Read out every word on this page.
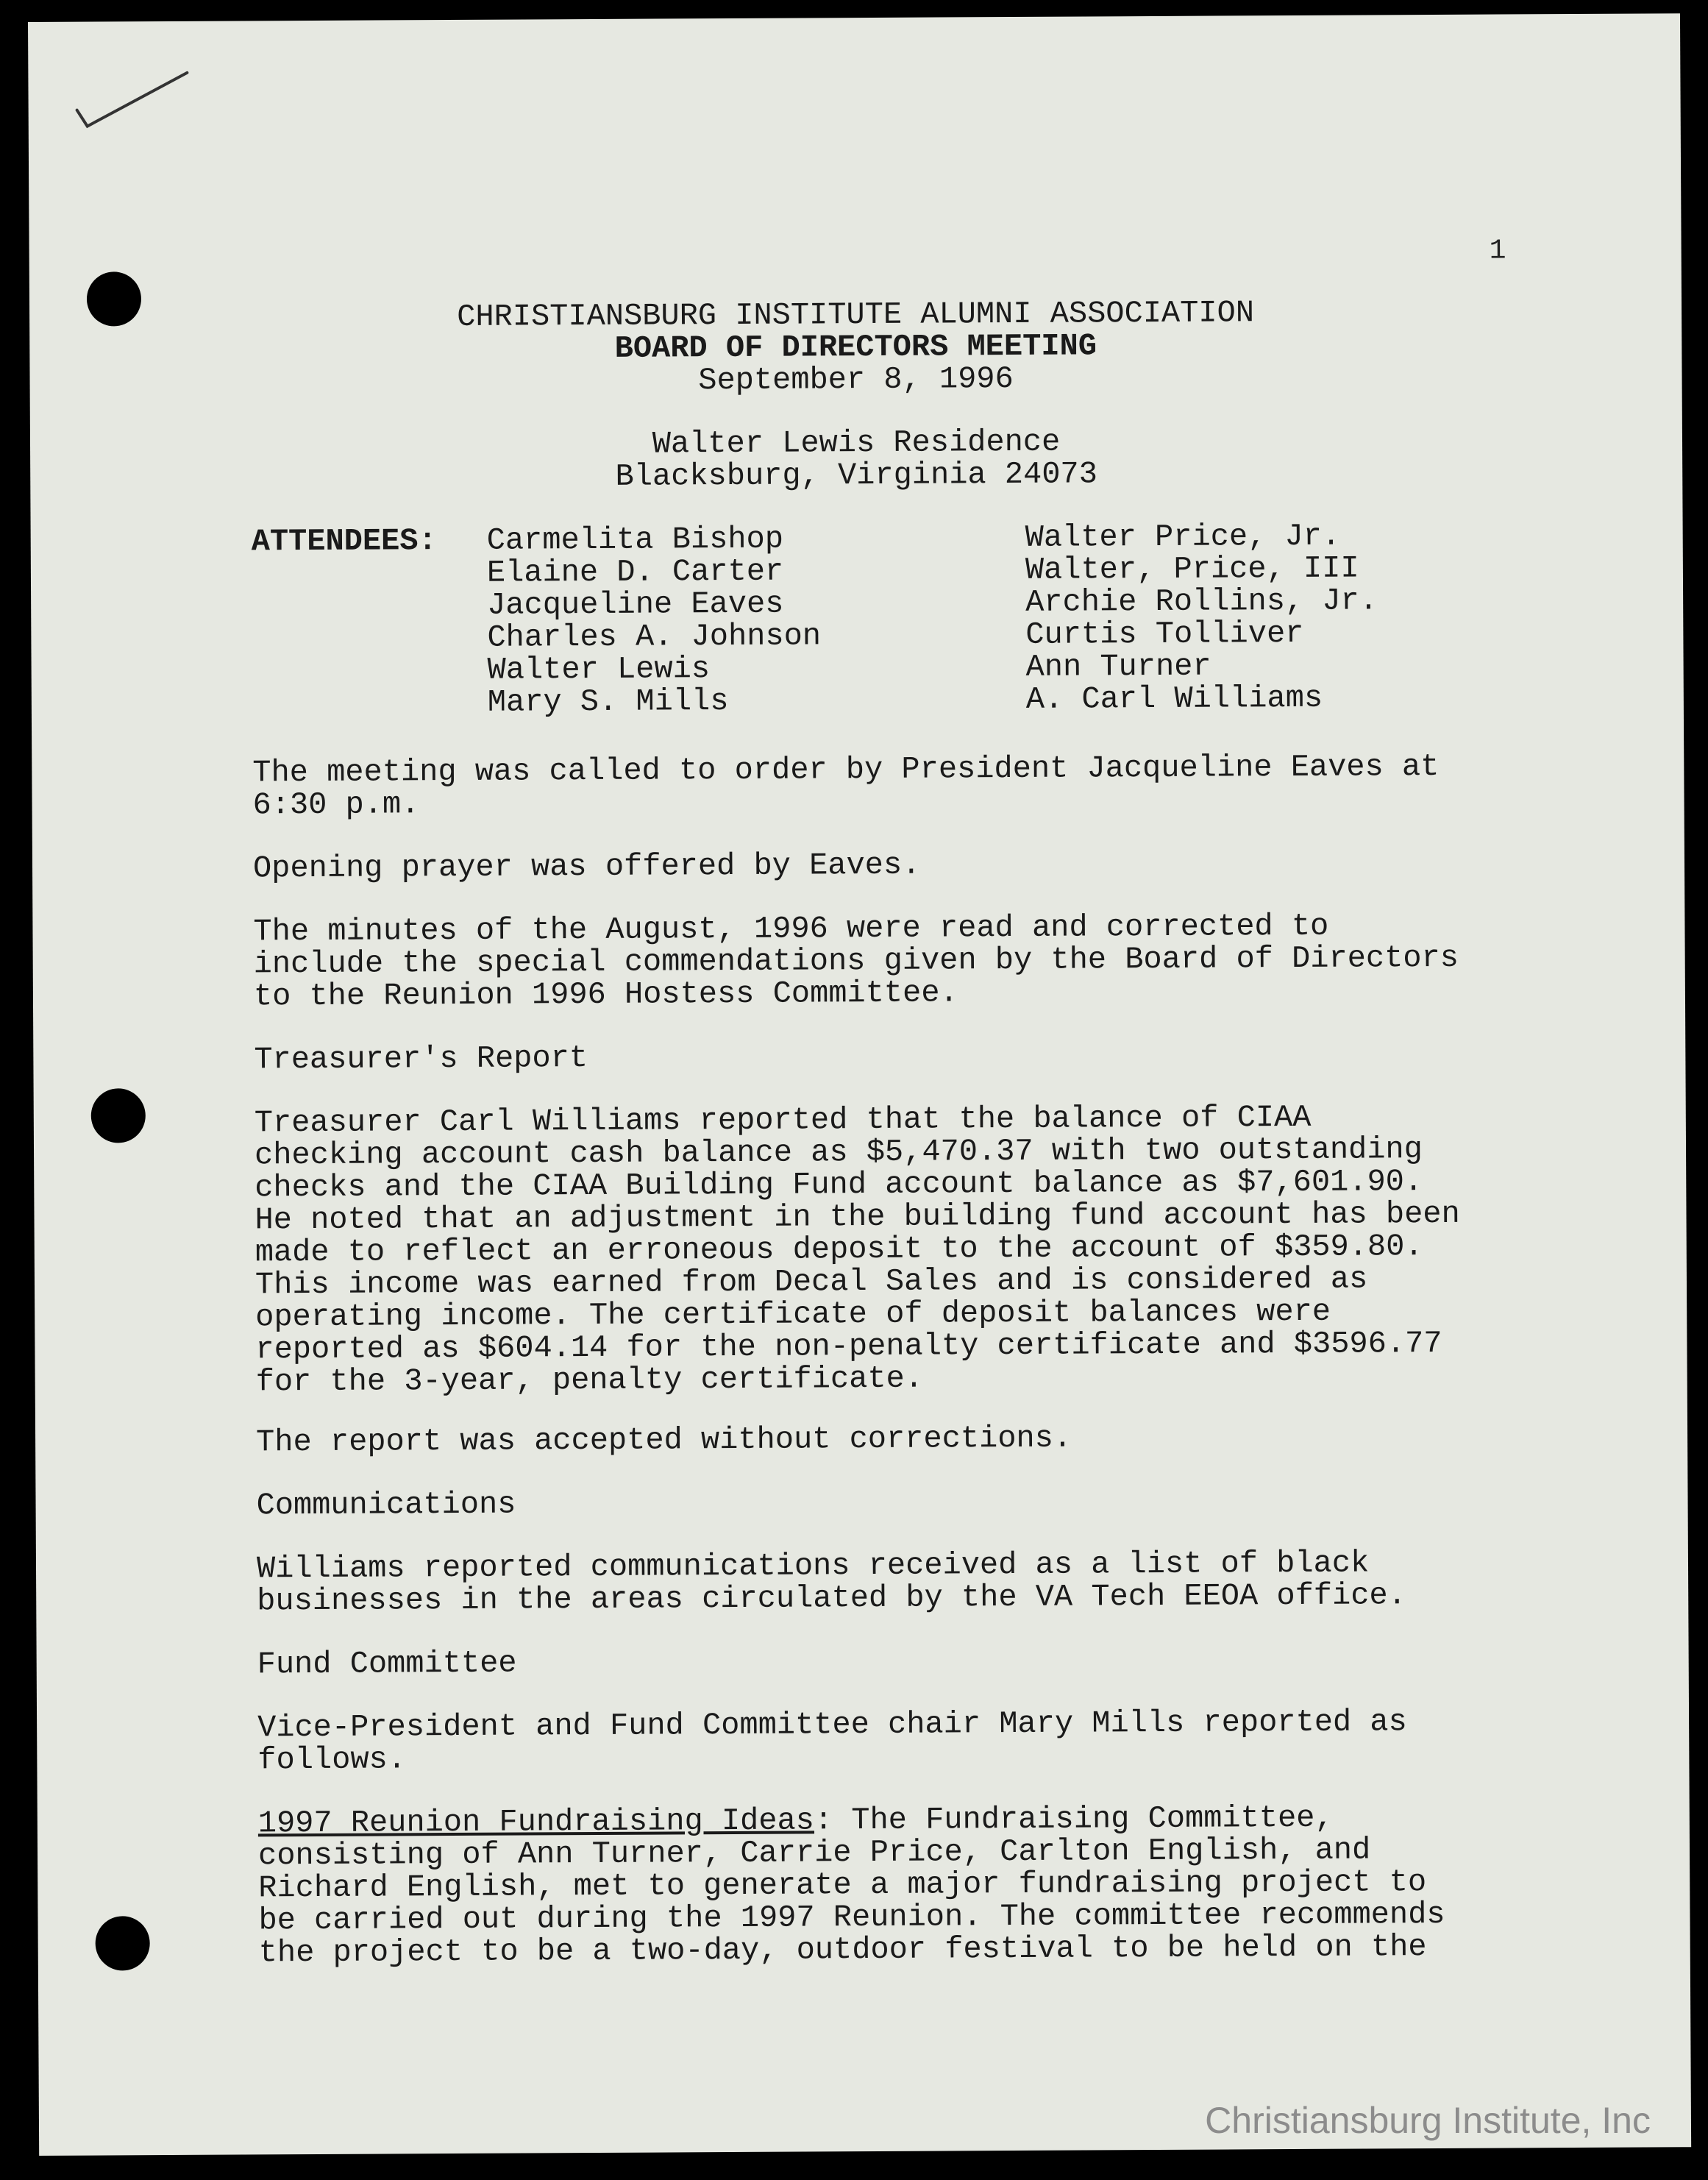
1
CHRISTIANSBURG INSTITUTE ALUMNI ASSOCIATION
BOARD OF DIRECTORS MEETING
September 8, 1996
Walter Lewis Residence
Blacksburg, Virginia 24073
ATTENDEES: Carmelita Bishop
Elaine D. Carter
Jacqueline Eaves
Charles A. Johnson
Walter Lewis
Mary S. Mills
Walter Price, Jr.
Walter, Price, III
Archie Rollins, Jr.
Curtis Tolliver
Ann Turner
A. Carl Williams
The meeting was called to order by President Jacqueline Eaves at
6:30 p.m.
Opening prayer was offered by Eaves.
The minutes of the August, 1996 were read and corrected to
include the special commendations given by the Board of Directors
to the Reunion 1996 Hostess Committee.
Treasurer's Report
Treasurer Carl Williams reported that the balance of CIAA
checking account cash balance as $5,470.37 with two outstanding
checks and the CIAA Building Fund account balance as $7,601.90.
He noted that an adjustment in the building fund account has been
made to reflect an erroneous deposit to the account of $359.80.
This income was earned from Decal Sales and is considered as
operating income. The certificate of deposit balances were
reported as $604.14 for the non-penalty certificate and $3596.77
for the 3-year, penalty certificate.
The report was accepted without corrections.
Communications
Williams reported communications received as a list of black
businesses in the areas circulated by the VA Tech EEOA office.
Fund Committee
Vice-President and Fund Committee chair Mary Mills reported as
follows.
1997 Reunion Fundraising Ideas: The Fundraising Committee,
consisting of Ann Turner, Carrie Price, Carlton English, and
Richard English, met to generate a major fundraising project to
be carried out during the 1997 Reunion. The committee recommends
the project to be a two-day, outdoor festival to be held on the
Christiansburg Institute, Inc
